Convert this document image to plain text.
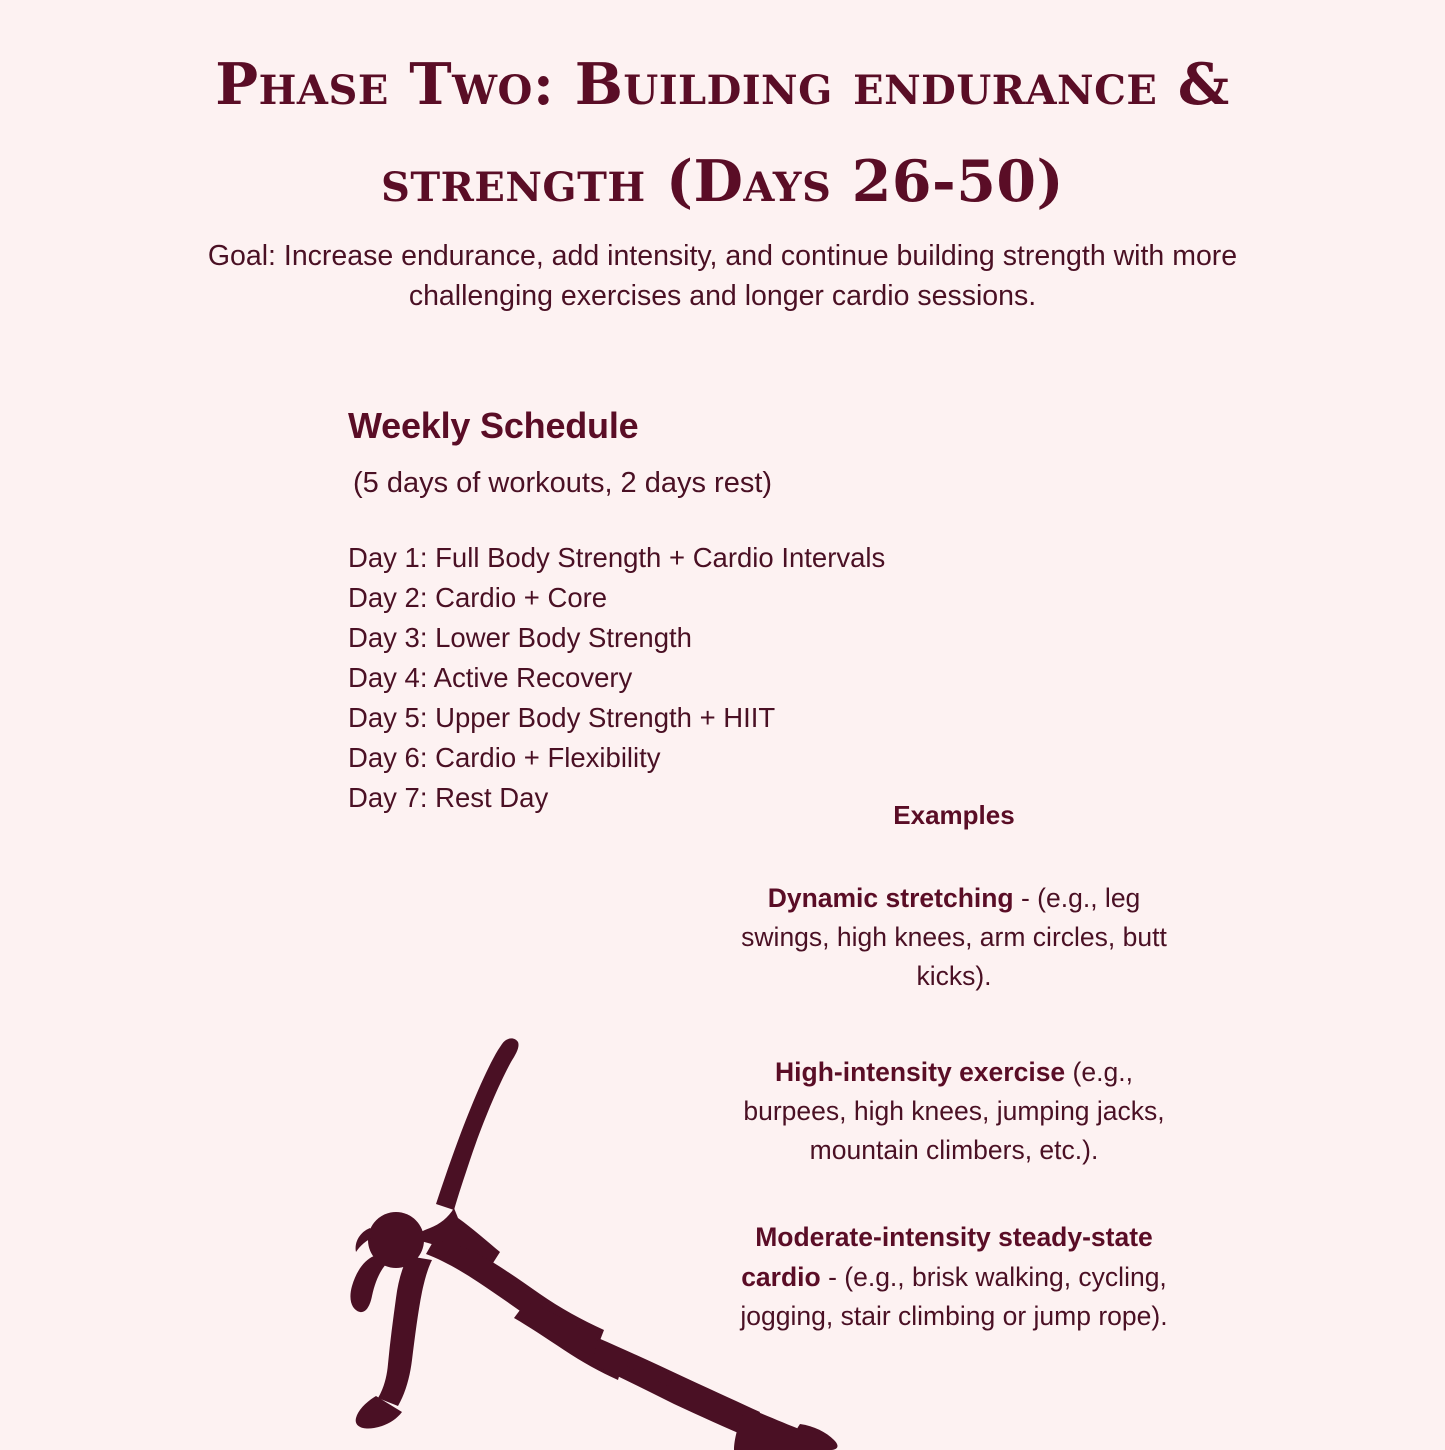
Phase Two: Building endurance &
strength (Days 26-50)
Goal: Increase endurance, add intensity, and continue building strength with more challenging exercises and longer cardio sessions.
Weekly Schedule
(5 days of workouts, 2 days rest)
Day 1: Full Body Strength + Cardio Intervals
Day 2: Cardio + Core
Day 3: Lower Body Strength
Day 4: Active Recovery
Day 5: Upper Body Strength + HIIT
Day 6: Cardio + Flexibility
Day 7: Rest Day
Examples
Dynamic stretching - (e.g., leg swings, high knees, arm circles, butt kicks).
High-intensity exercise (e.g., burpees, high knees, jumping jacks, mountain climbers, etc.).
Moderate-intensity steady-state cardio - (e.g., brisk walking, cycling, jogging, stair climbing or jump rope).
